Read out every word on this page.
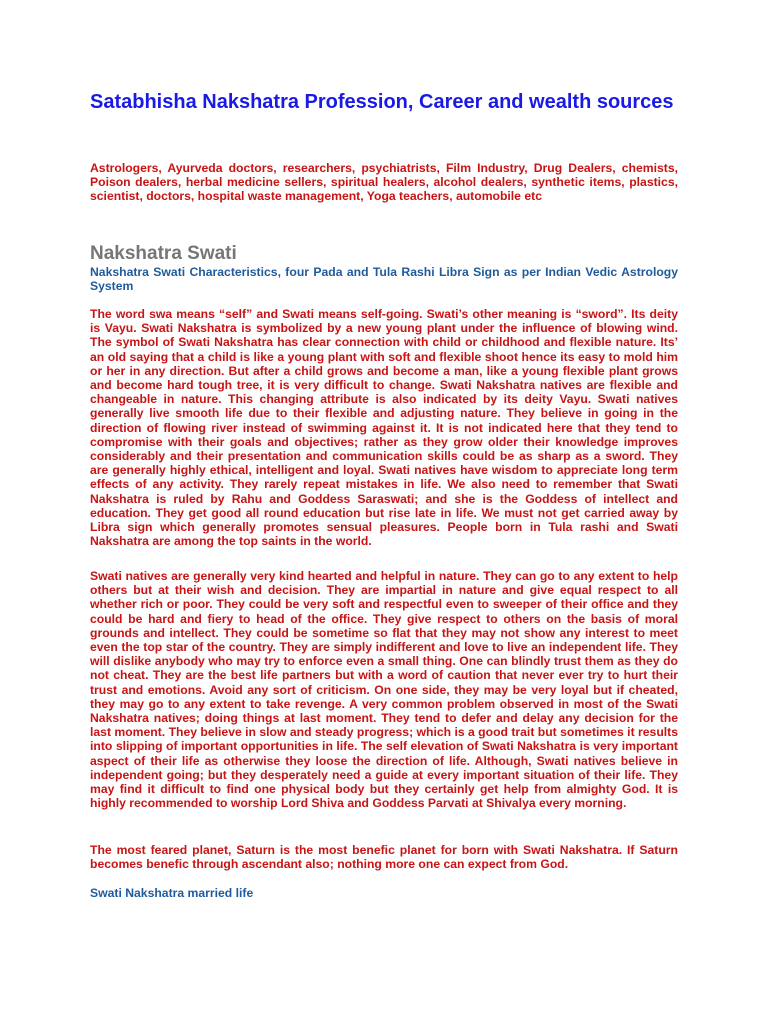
Satabhisha Nakshatra Profession, Career and wealth sources

Astrologers, Ayurveda doctors, researchers, psychiatrists, Film Industry, Drug Dealers, chemists, Poison dealers, herbal medicine sellers, spiritual healers, alcohol dealers, synthetic items, plastics, scientist, doctors, hospital waste management, Yoga teachers, automobile etc

Nakshatra Swati

Nakshatra Swati Characteristics, four Pada and Tula Rashi Libra Sign as per Indian Vedic Astrology System

The word swa means “self” and Swati means self-going. Swati’s other meaning is “sword”. Its deity is Vayu. Swati Nakshatra is symbolized by a new young plant under the influence of blowing wind. The symbol of Swati Nakshatra has clear connection with child or childhood and flexible nature. Its’ an old saying that a child is like a young plant with soft and flexible shoot hence its easy to mold him or her in any direction. But after a child grows and become a man, like a young flexible plant grows and become hard tough tree, it is very difficult to change. Swati Nakshatra natives are flexible and changeable in nature. This changing attribute is also indicated by its deity Vayu. Swati natives generally live smooth life due to their flexible and adjusting nature. They believe in going in the direction of flowing river instead of swimming against it. It is not indicated here that they tend to compromise with their goals and objectives; rather as they grow older their knowledge improves considerably and their presentation and communication skills could be as sharp as a sword. They are generally highly ethical, intelligent and loyal. Swati natives have wisdom to appreciate long term effects of any activity. They rarely repeat mistakes in life. We also need to remember that Swati Nakshatra is ruled by Rahu and Goddess Saraswati; and she is the Goddess of intellect and education. They get good all round education but rise late in life. We must not get carried away by Libra sign which generally promotes sensual pleasures. People born in Tula rashi and Swati Nakshatra are among the top saints in the world.

Swati natives are generally very kind hearted and helpful in nature. They can go to any extent to help others but at their wish and decision. They are impartial in nature and give equal respect to all whether rich or poor. They could be very soft and respectful even to sweeper of their office and they could be hard and fiery to head of the office. They give respect to others on the basis of moral grounds and intellect. They could be sometime so flat that they may not show any interest to meet even the top star of the country. They are simply indifferent and love to live an independent life. They will dislike anybody who may try to enforce even a small thing. One can blindly trust them as they do not cheat. They are the best life partners but with a word of caution that never ever try to hurt their trust and emotions. Avoid any sort of criticism. On one side, they may be very loyal but if cheated, they may go to any extent to take revenge. A very common problem observed in most of the Swati Nakshatra natives; doing things at last moment. They tend to defer and delay any decision for the last moment. They believe in slow and steady progress; which is a good trait but sometimes it results into slipping of important opportunities in life. The self elevation of Swati Nakshatra is very important aspect of their life as otherwise they loose the direction of life. Although, Swati natives believe in independent going; but they desperately need a guide at every important situation of their life. They may find it difficult to find one physical body but they certainly get help from almighty God. It is highly recommended to worship Lord Shiva and Goddess Parvati at Shivalya every morning.

The most feared planet, Saturn is the most benefic planet for born with Swati Nakshatra. If Saturn becomes benefic through ascendant also; nothing more one can expect from God.

Swati Nakshatra married life
